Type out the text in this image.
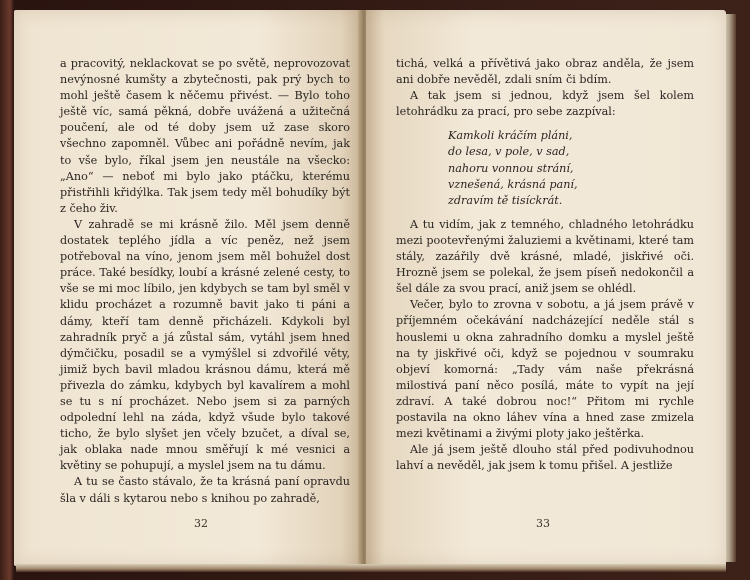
a pracovitý, neklackovat se po světě, neprovozovat nevýnosné kumšty a zbytečnosti, pak prý bych to mohl ještě časem k něčemu přivést. — Bylo toho ještě víc, samá pěkná, dobře uvážená a užitečná poučení, ale od té doby jsem už zase skoro všechno zapomněl. Vůbec ani pořádně nevím, jak to vše bylo, říkal jsem jen neustále na všecko: „Ano“ — neboť mi bylo jako ptáčku, kterému přistřihli křidýlka. Tak jsem tedy měl bohudíky být z čeho živ.

V zahradě se mi krásně žilo. Měl jsem denně dostatek teplého jídla a víc peněz, než jsem potřeboval na víno, jenom jsem měl bohužel dost práce. Také besídky, loubí a krásné zelené cesty, to vše se mi moc líbilo, jen kdybych se tam byl směl v klidu procházet a rozumně bavit jako ti páni a dámy, kteří tam denně přicházeli. Kdykoli byl zahradník pryč a já zůstal sám, vytáhl jsem hned dýmčičku, posadil se a vymýšlel si zdvořilé věty, jimiž bych bavil mladou krásnou dámu, která mě přivezla do zámku, kdybych byl kavalírem a mohl se tu s ní procházet. Nebo jsem si za parných odpolední lehl na záda, když všude bylo takové ticho, že bylo slyšet jen včely bzučet, a díval se, jak oblaka nade mnou směřují k mé vesnici a květiny se pohupují, a myslel jsem na tu dámu.

A tu se často stávalo, že ta krásná paní opravdu šla v dáli s kytarou nebo s knihou po zahradě,

32

tichá, velká a přívětivá jako obraz anděla, že jsem ani dobře nevěděl, zdali sním či bdím.

A tak jsem si jednou, když jsem šel kolem letohrádku za prací, pro sebe zazpíval:

Kamkoli kráčím pláni,
do lesa, v pole, v sad,
nahoru vonnou strání,
vznešená, krásná paní,
zdravím tě tisíckrát.

A tu vidím, jak z temného, chladného letohrádku mezi pootevřenými žaluziemi a květinami, které tam stály, zazářily dvě krásné, mladé, jiskřivé oči. Hrozně jsem se polekal, že jsem píseň nedokončil a šel dále za svou prací, aniž jsem se ohlédl.

Večer, bylo to zrovna v sobotu, a já jsem právě v příjemném očekávání nadcházející neděle stál s houslemi u okna zahradního domku a myslel ještě na ty jiskřivé oči, když se pojednou v soumraku objeví komorná: „Tady vám naše překrásná milostivá paní něco posílá, máte to vypít na její zdraví. A také dobrou noc!“ Přitom mi rychle postavila na okno láhev vína a hned zase zmizela mezi květinami a živými ploty jako ještěrka.

Ale já jsem ještě dlouho stál před podivuhodnou lahví a nevěděl, jak jsem k tomu přišel. A jestliže

33
